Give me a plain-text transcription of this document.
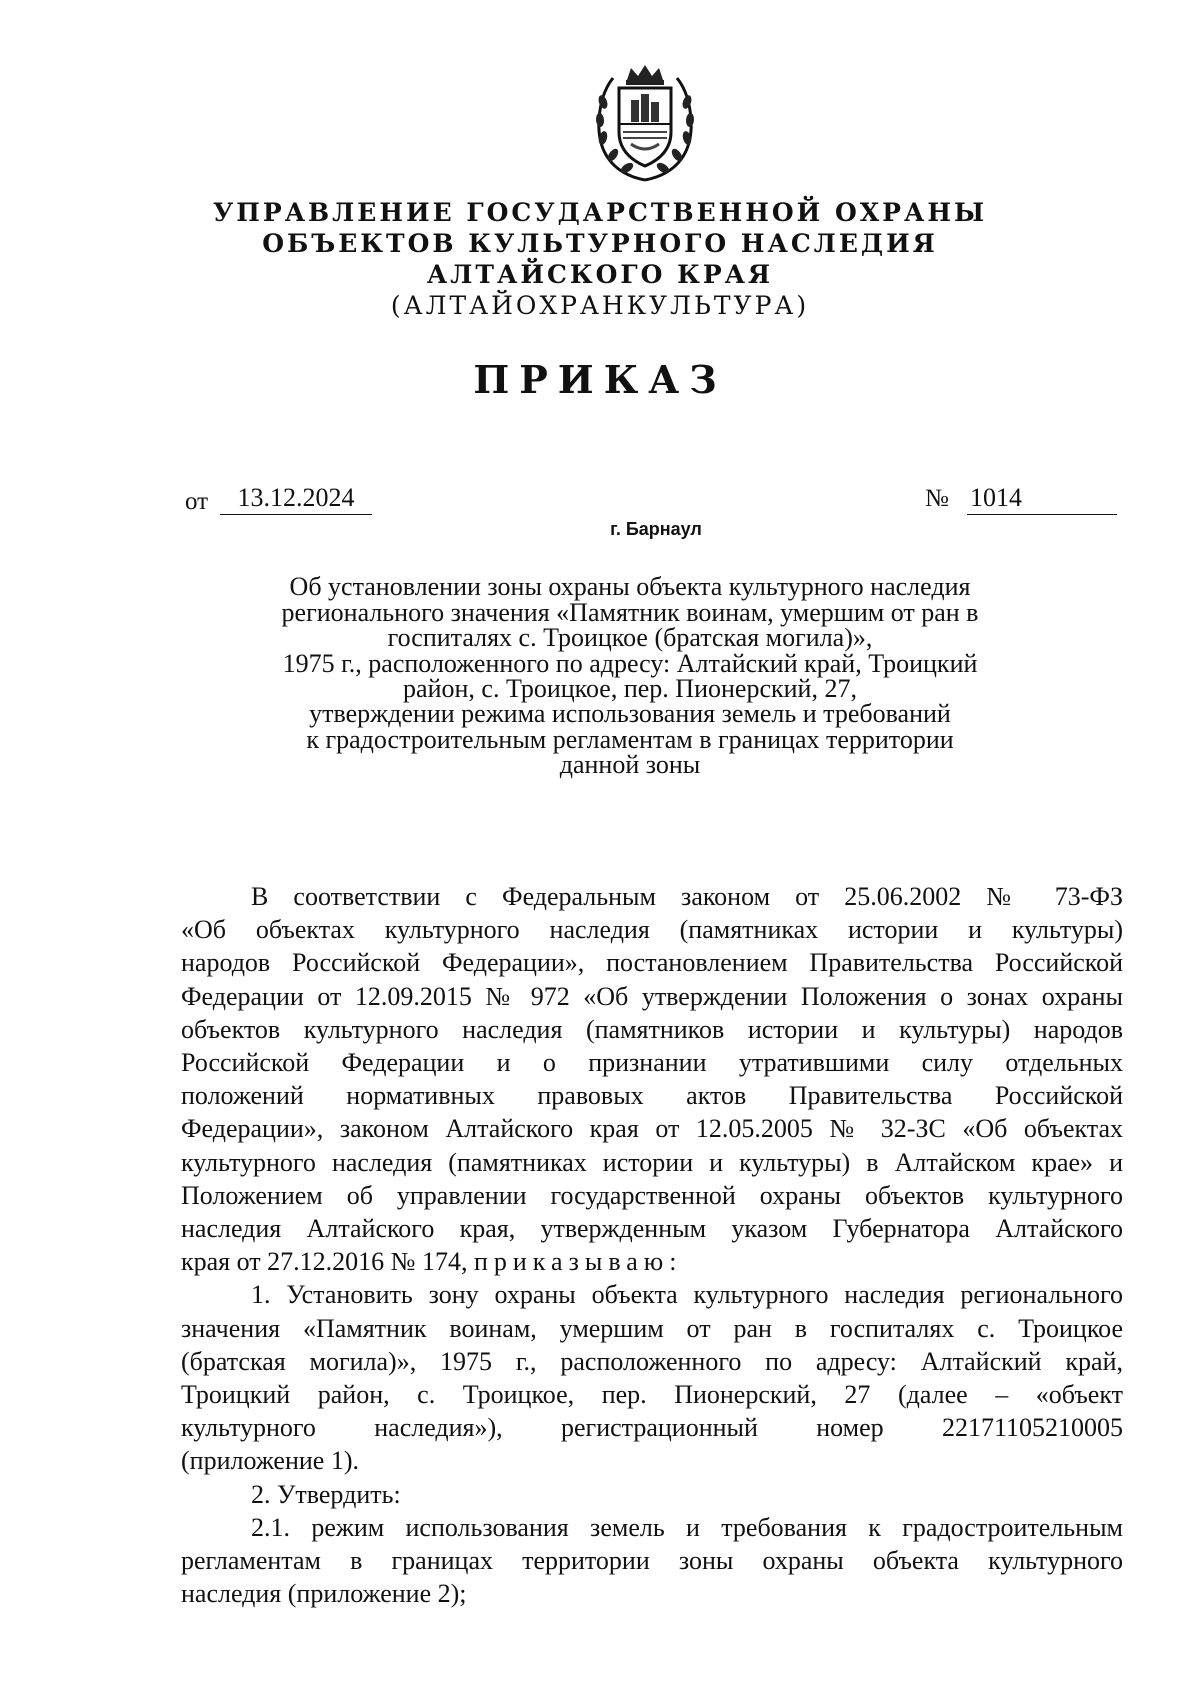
УПРАВЛЕНИЕ ГОСУДАРСТВЕННОЙ ОХРАНЫ
ОБЪЕКТОВ КУЛЬТУРНОГО НАСЛЕДИЯ
АЛТАЙСКОГО КРАЯ
(АЛТАЙОХРАНКУЛЬТУРА)
ПРИКАЗ
от	13.12.2024	№ 1014
г. Барнаул
Об установлении зоны охраны объекта культурного наследия
регионального значения «Памятник воинам, умершим от ран в
госпиталях с. Троицкое (братская могила)»,
1975 г., расположенного по адресу: Алтайский край, Троицкий
район, с. Троицкое, пер. Пионерский, 27,
утверждении режима использования земель и требований
к градостроительным регламентам в границах территории
данной зоны
В соответствии с Федеральным законом от 25.06.2002 № 73-ФЗ
«Об объектах культурного наследия (памятниках истории и культуры)
народов Российской Федерации», постановлением Правительства Российской
Федерации от 12.09.2015 № 972 «Об утверждении Положения о зонах охраны
объектов культурного наследия (памятников истории и культуры) народов
Российской Федерации и о признании утратившими силу отдельных
положений нормативных правовых актов Правительства Российской
Федерации», законом Алтайского края от 12.05.2005 № 32-ЗС «Об объектах
культурного наследия (памятниках истории и культуры) в Алтайском крае» и
Положением об управлении государственной охраны объектов культурного
наследия Алтайского края, утвержденным указом Губернатора Алтайского
края от 27.12.2016 № 174, приказываю:
1. Установить зону охраны объекта культурного наследия регионального
значения «Памятник воинам, умершим от ран в госпиталях с. Троицкое
(братская могила)», 1975 г., расположенного по адресу: Алтайский край,
Троицкий район, с. Троицкое, пер. Пионерский, 27 (далее – «объект
культурного наследия»), регистрационный номер 22171105210005
(приложение 1).
2. Утвердить:
2.1. режим использования земель и требования к градостроительным
регламентам в границах территории зоны охраны объекта культурного
наследия (приложение 2);
